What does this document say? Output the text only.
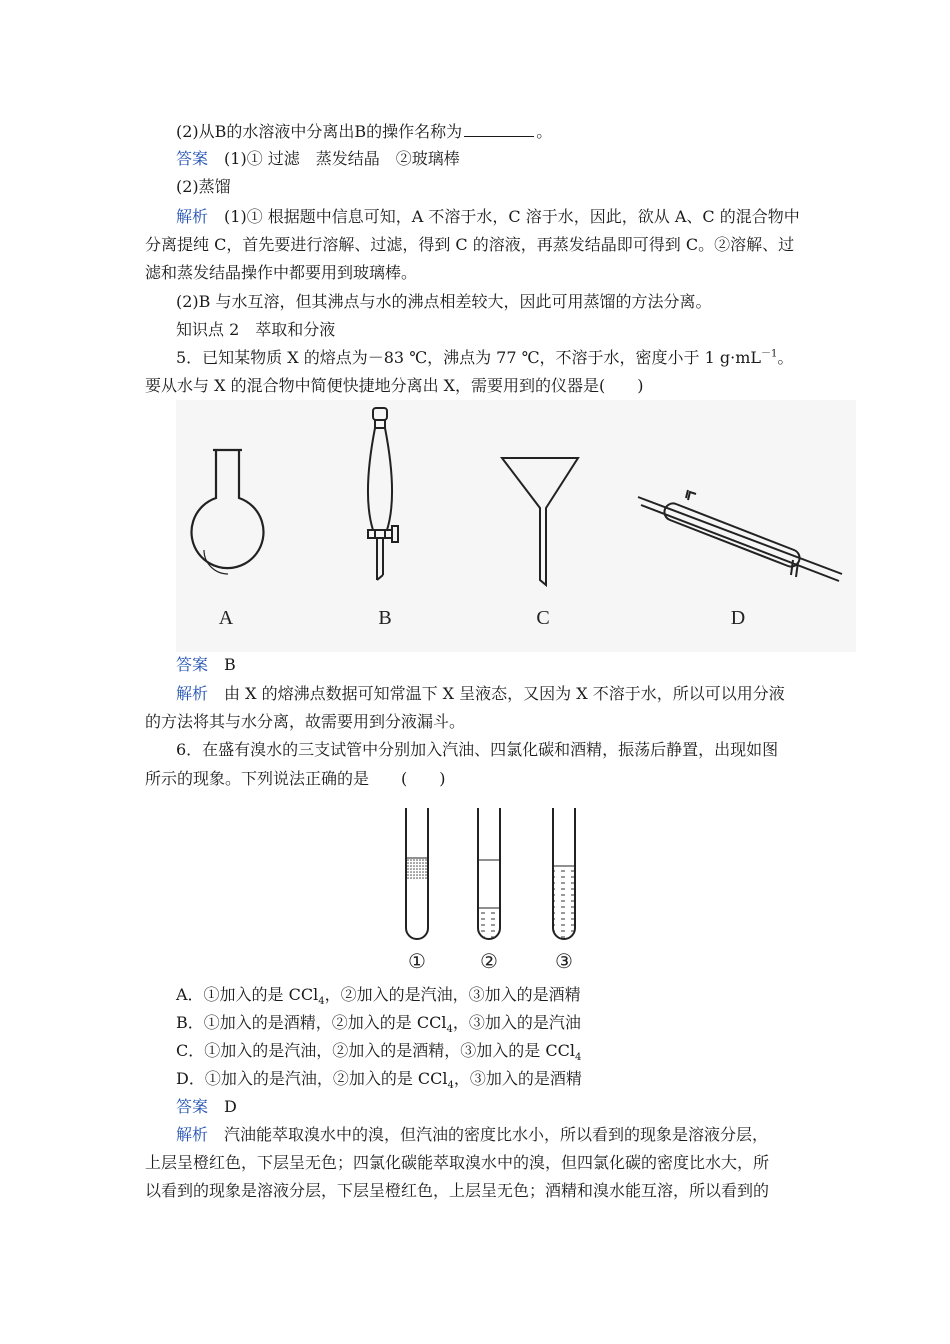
(2)从B的水溶液中分离出B的操作名称为	。
答案　 (1)① 过滤　蒸发结晶　②玻璃棒
(2)蒸馏
解析　 (1)① 根据题中信息可知，A 不溶于水，C 溶于水，因此，欲从 A、C 的混合物中
分离提纯 C，首先要进行溶解、过滤，得到 C 的溶液，再蒸发结晶即可得到 C。②溶解、过
滤和蒸发结晶操作中都要用到玻璃棒。
(2)B 与水互溶，但其沸点与水的沸点相差较大，因此可用蒸馏的方法分离。
知识点 2　萃取和分液
5．已知某物质 X 的熔点为－83 ℃，沸点为 77 ℃，不溶于水，密度小于 1 $g\cdot mL^{-1}$。
要从水与 X 的混合物中简便快捷地分离出 X，需要用到的仪器是(　　)
A	B	C	D
答案　 B
解析　 由 X 的熔沸点数据可知常温下 X 呈液态，又因为 X 不溶于水，所以可以用分液
的方法将其与水分离，故需要用到分液漏斗。
6．在盛有溴水的三支试管中分别加入汽油、四氯化碳和酒精，振荡后静置，出现如图
所示的现象。下列说法正确的是　　(　　)
①	②	③
A．①加入的是 CCl$_4$，②加入的是汽油，③加入的是酒精
B．①加入的是酒精，②加入的是 CCl$_4$，③加入的是汽油
C．①加入的是汽油，②加入的是酒精，③加入的是 CCl$_4$
D．①加入的是汽油，②加入的是 CCl$_4$，③加入的是酒精
答案　 D
解析　 汽油能萃取溴水中的溴，但汽油的密度比水小，所以看到的现象是溶液分层，
上层呈橙红色，下层呈无色；四氯化碳能萃取溴水中的溴，但四氯化碳的密度比水大，所
以看到的现象是溶液分层，下层呈橙红色，上层呈无色；酒精和溴水能互溶，所以看到的
